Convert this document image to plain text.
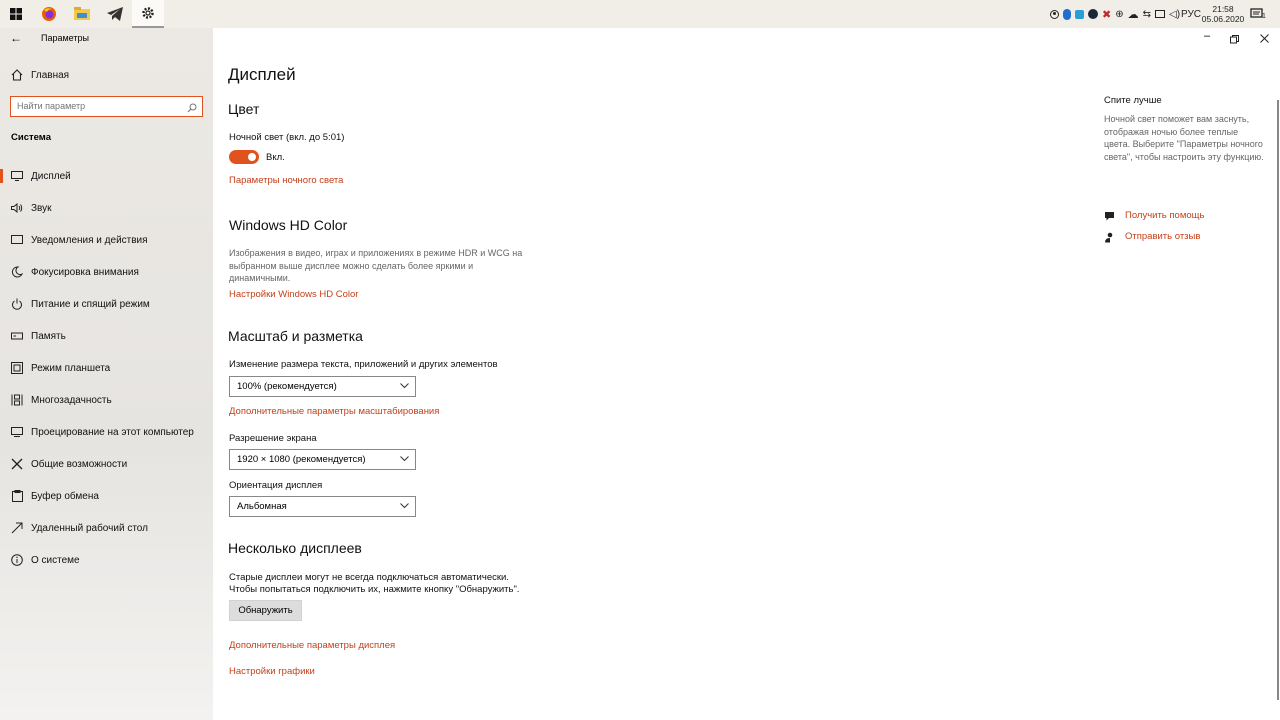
✖ ⊕ ☁ ⇆ ◁) РУС 21:58
05.06.2020	1
← Параметры
Главная
Найти параметр
Система
Дисплей
Звук
Уведомления и действия
Фокусировка внимания
Питание и спящий режим
Память
Режим планшета
Многозадачность
Проецирование на этот компьютер
Общие возможности
Буфер обмена
Удаленный рабочий стол
О системе
–
Дисплей
Цвет
Ночной свет (вкл. до 5:01)
Вкл.
Параметры ночного света
Windows HD Color
Изображения в видео, играх и приложениях в режиме HDR и WCG на выбранном выше дисплее можно сделать более яркими и динамичными.
Настройки Windows HD Color
Масштаб и разметка
Изменение размера текста, приложений и других элементов
100% (рекомендуется)
Дополнительные параметры масштабирования
Разрешение экрана
1920 × 1080 (рекомендуется)
Ориентация дисплея
Альбомная
Несколько дисплеев
Старые дисплеи могут не всегда подключаться автоматически.
Чтобы попытаться подключить их, нажмите кнопку "Обнаружить".
Обнаружить
Дополнительные параметры дисплея
Настройки графики
Спите лучше
Ночной свет поможет вам заснуть, отображая ночью более теплые цвета. Выберите "Параметры ночного света", чтобы настроить эту функцию.
Получить помощь
Отправить отзыв
